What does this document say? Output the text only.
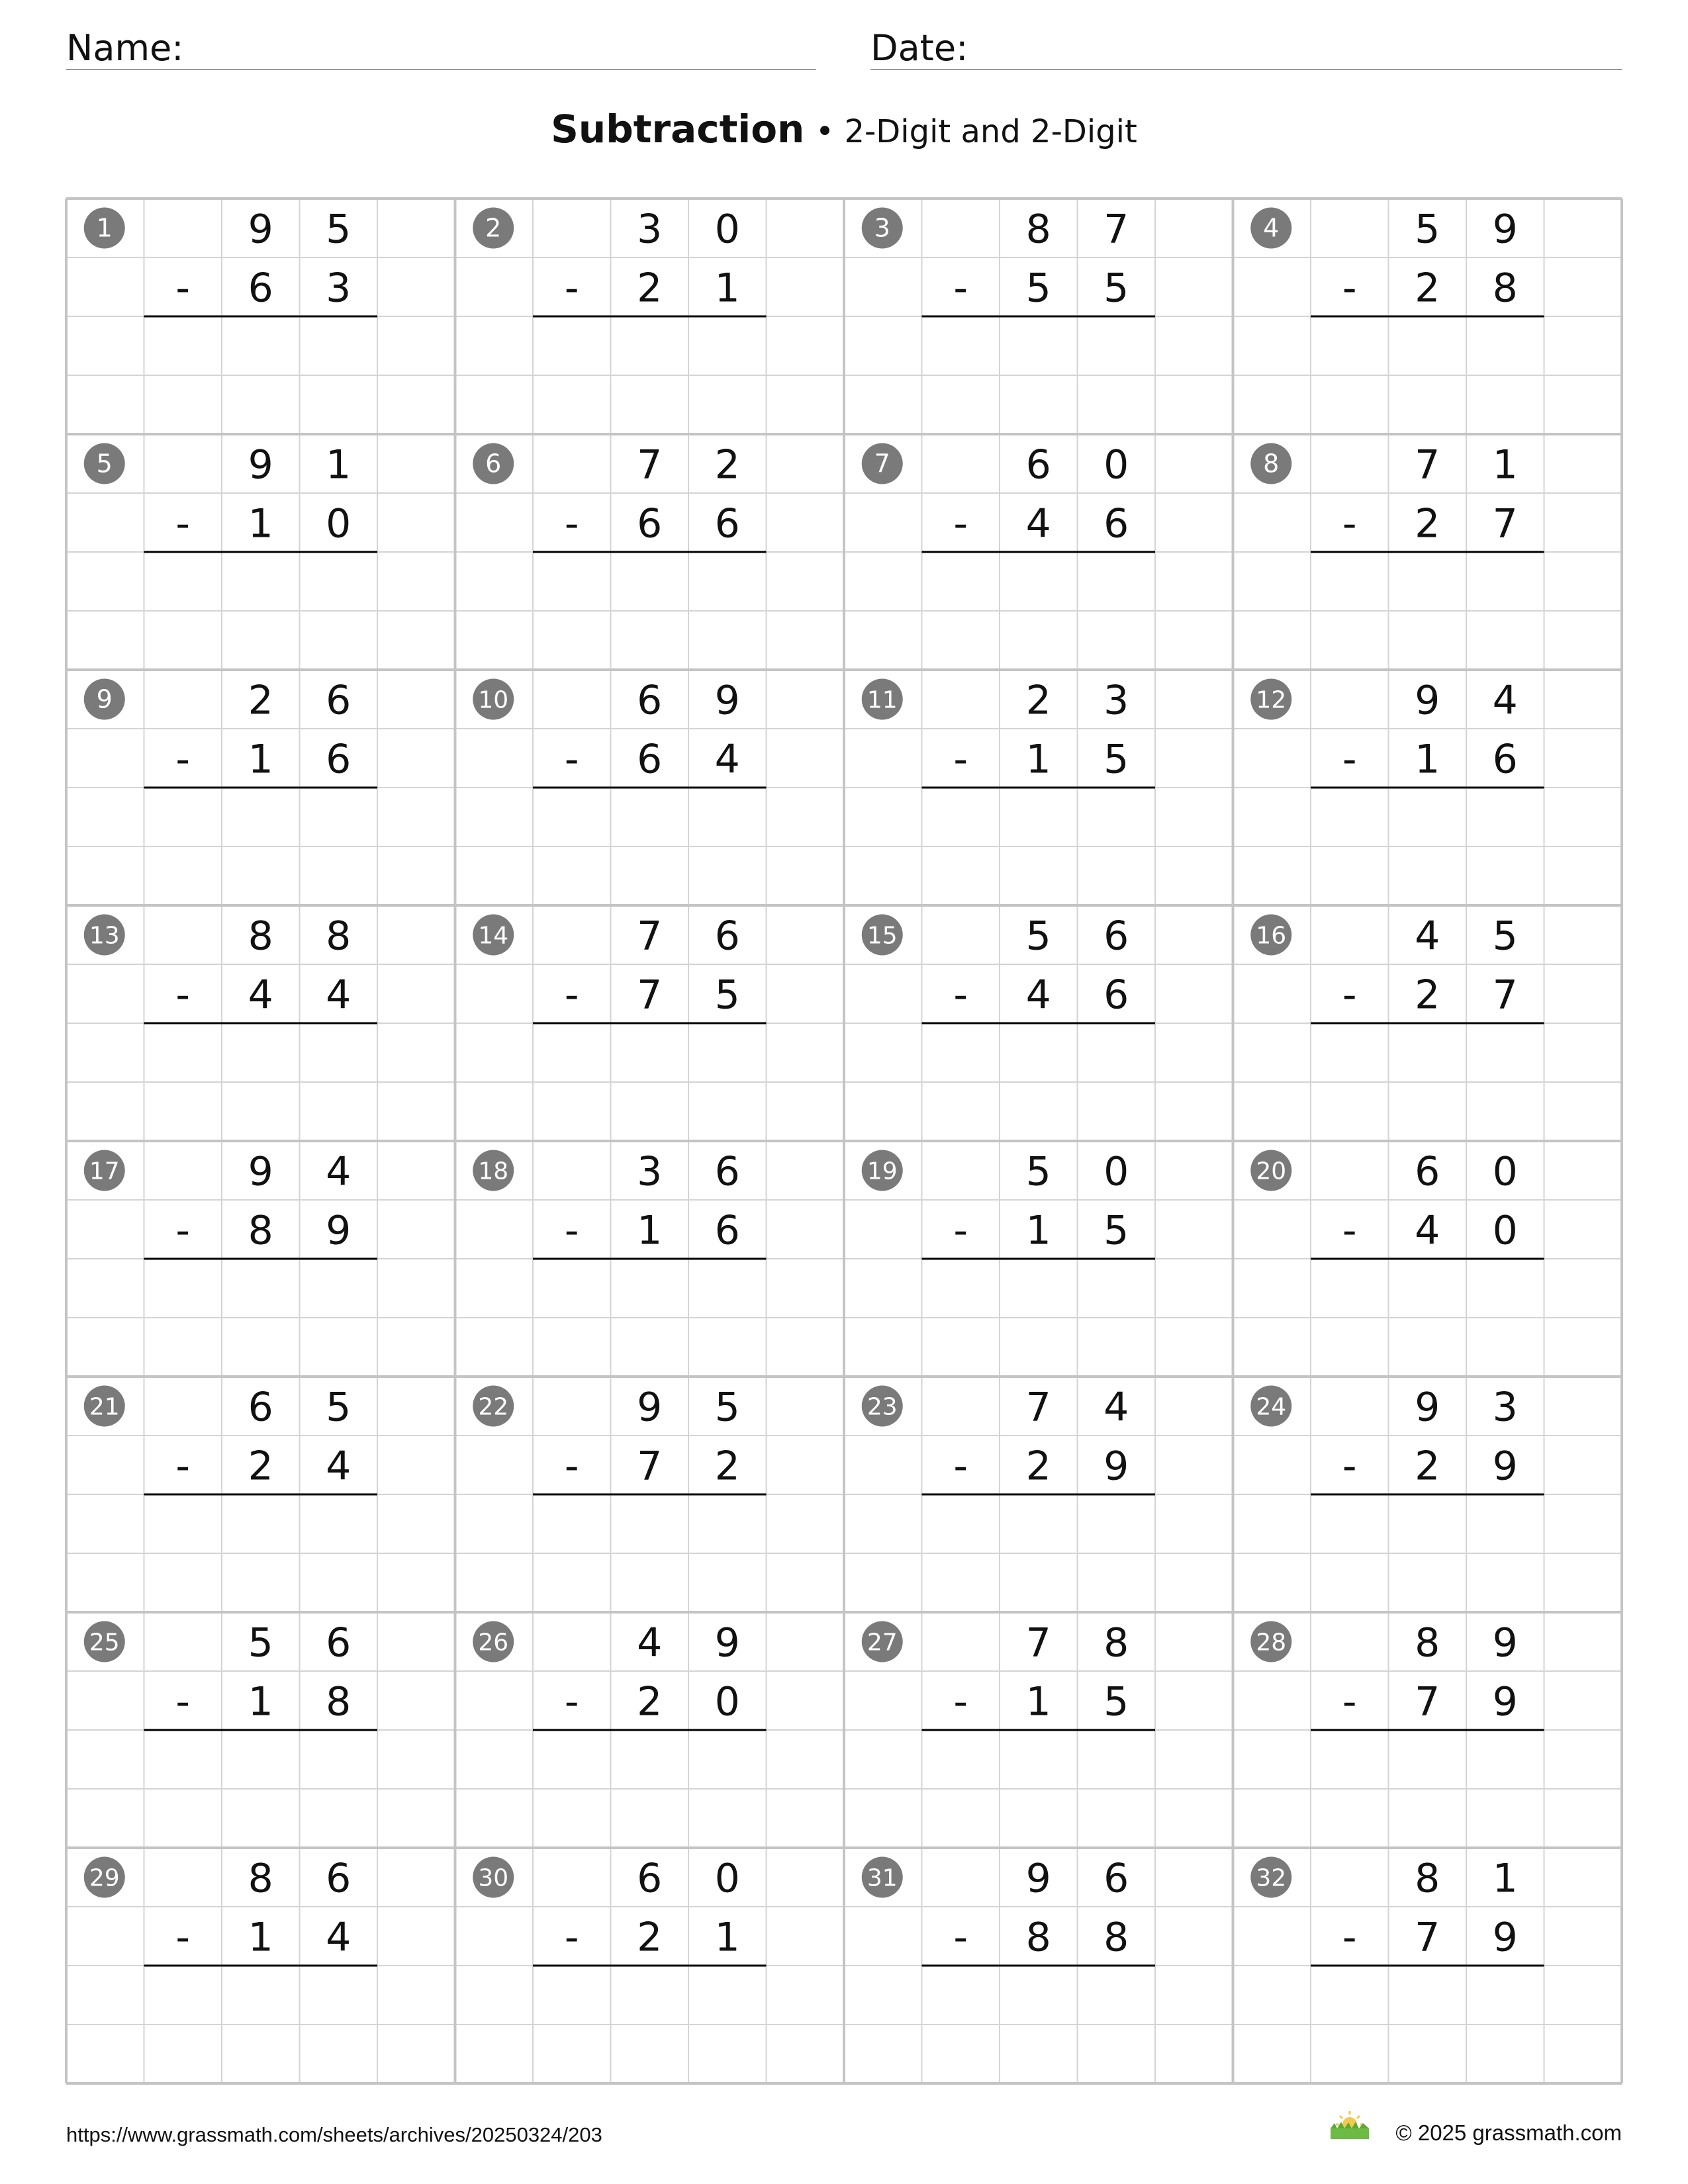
Name:	Date:
Subtraction • 2-Digit and 2-Digit
1	9 5
- 6 3
2	3 0
- 2 1
3	8 7
- 5 5
4	5 9
- 2 8
5	9 1
- 1 0
6	7 2
- 6 6
7	6 0
- 4 6
8	7 1
- 2 7
9	2 6
- 1 6
10	6 9
- 6 4
11	2 3
- 1 5
12	9 4
- 1 6
13	8 8
- 4 4
14	7 6
- 7 5
15	5 6
- 4 6
16	4 5
- 2 7
17	9 4
- 8 9
18	3 6
- 1 6
19	5 0
- 1 5
20	6 0
- 4 0
21	6 5
- 2 4
22	9 5
- 7 2
23	7 4
- 2 9
24	9 3
- 2 9
25	5 6
- 1 8
26	4 9
- 2 0
27	7 8
- 1 5
28	8 9
- 7 9
29	8 6
- 1 4
30	6 0
- 2 1
31	9 6
- 8 8
32	8 1
- 7 9
https://www.grassmath.com/sheets/archives/20250324/203	© 2025 grassmath.com
